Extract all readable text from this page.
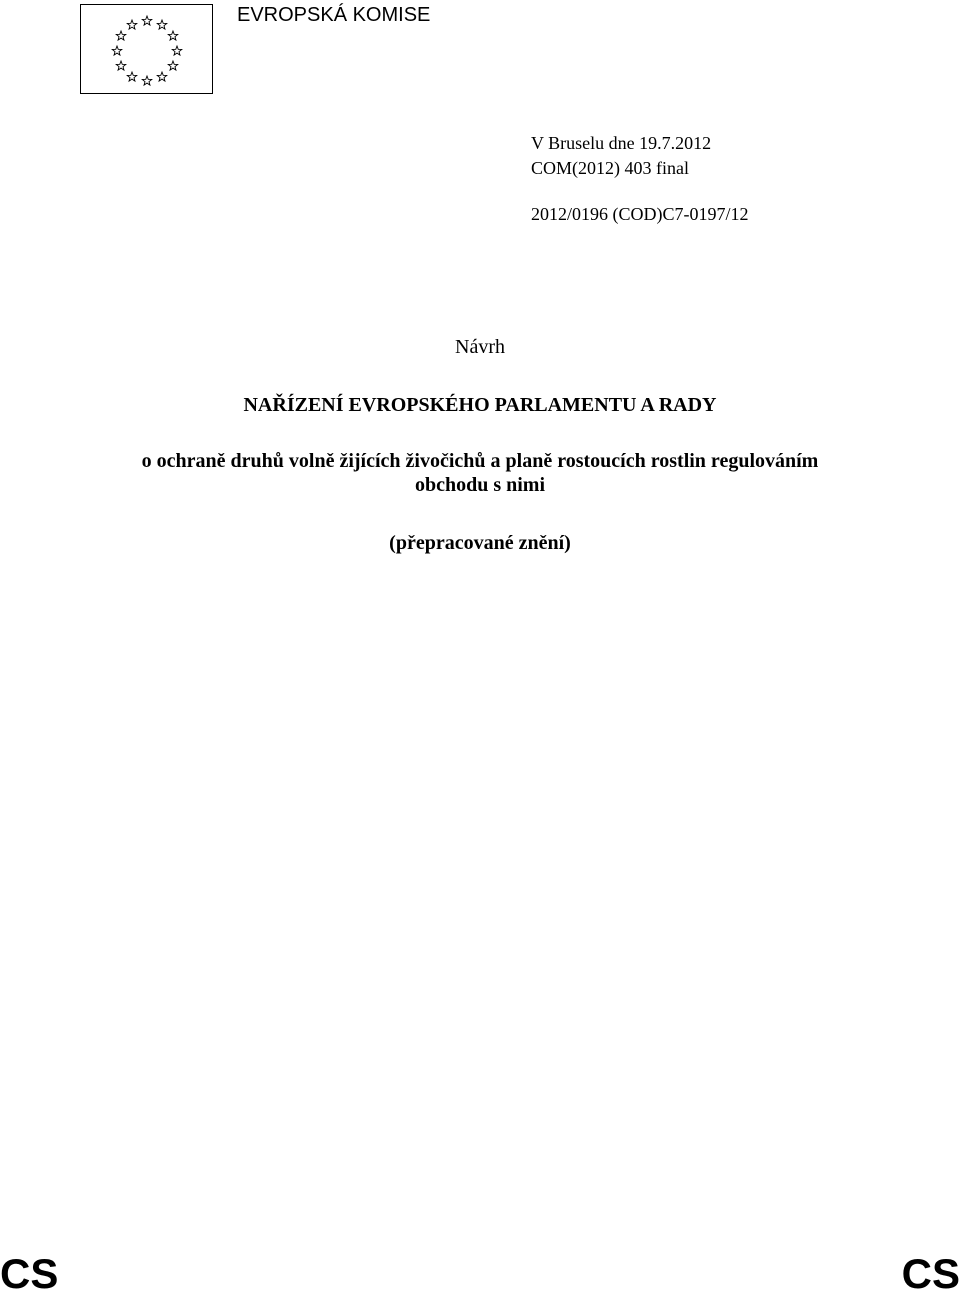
EVROPSKÁ KOMISE
V Bruselu dne 19.7.2012
COM(2012) 403 final
2012/0196 (COD)C7-0197/12
Návrh
NAŘÍZENÍ EVROPSKÉHO PARLAMENTU A RADY
o ochraně druhů volně žijících živočichů a planě rostoucích rostlin regulováním
obchodu s nimi
(přepracované znění)
CS	CS
